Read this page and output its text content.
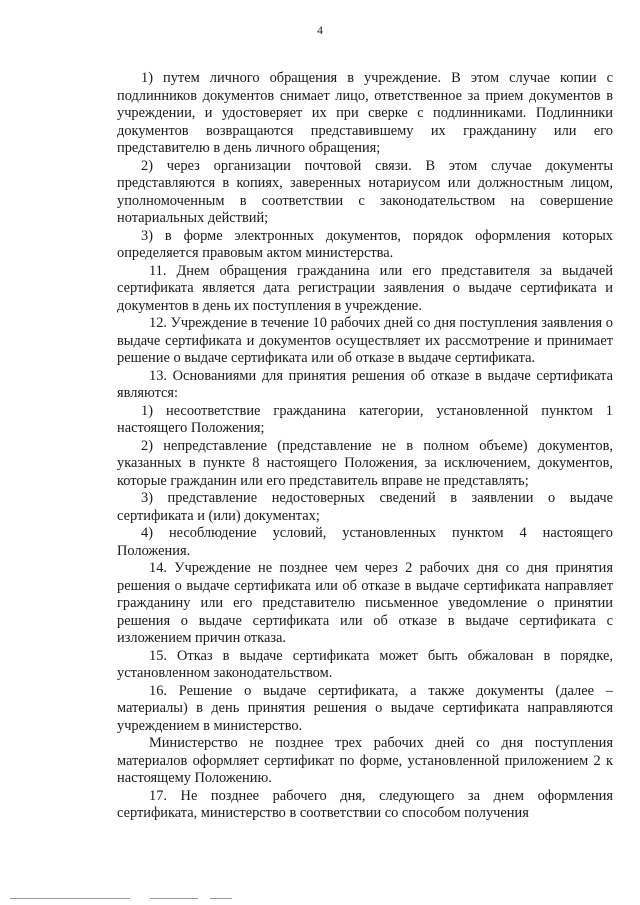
4

1) путем личного обращения в учреждение. В этом случае копии с подлинников документов снимает лицо, ответственное за прием документов в учреждении, и удостоверяет их при сверке с подлинниками. Подлинники документов возвращаются представившему их гражданину или его представителю в день личного обращения;

2) через организации почтовой связи. В этом случае документы представляются в копиях, заверенных нотариусом или должностным лицом, уполномоченным в соответствии с законодательством на совершение нотариальных действий;

3) в форме электронных документов, порядок оформления которых определяется правовым актом министерства.

11. Днем обращения гражданина или его представителя за выдачей сертификата является дата регистрации заявления о выдаче сертификата и документов в день их поступления в учреждение.

12. Учреждение в течение 10 рабочих дней со дня поступления заявления о выдаче сертификата и документов осуществляет их рассмотрение и принимает решение о выдаче сертификата или об отказе в выдаче сертификата.

13. Основаниями для принятия решения об отказе в выдаче сертификата являются:

1) несоответствие гражданина категории, установленной пунктом 1 настоящего Положения;

2) непредставление (представление не в полном объеме) документов, указанных в пункте 8 настоящего Положения, за исключением, документов, которые гражданин или его представитель вправе не представлять;

3) представление недостоверных сведений в заявлении о выдаче сертификата и (или) документах;

4) несоблюдение условий, установленных пунктом 4 настоящего Положения.

14. Учреждение не позднее чем через 2 рабочих дня со дня принятия решения о выдаче сертификата или об отказе в выдаче сертификата направляет гражданину или его представителю письменное уведомление о принятии решения о выдаче сертификата или об отказе в выдаче сертификата с изложением причин отказа.

15. Отказ в выдаче сертификата может быть обжалован в порядке, установленном законодательством.

16. Решение о выдаче сертификата, а также документы (далее – материалы) в день принятия решения о выдаче сертификата направляются учреждением в министерство.

Министерство не позднее трех рабочих дней со дня поступления материалов оформляет сертификат по форме, установленной приложением 2 к настоящему Положению.

17. Не позднее рабочего дня, следующего за днем оформления сертификата, министерство в соответствии со способом получения
